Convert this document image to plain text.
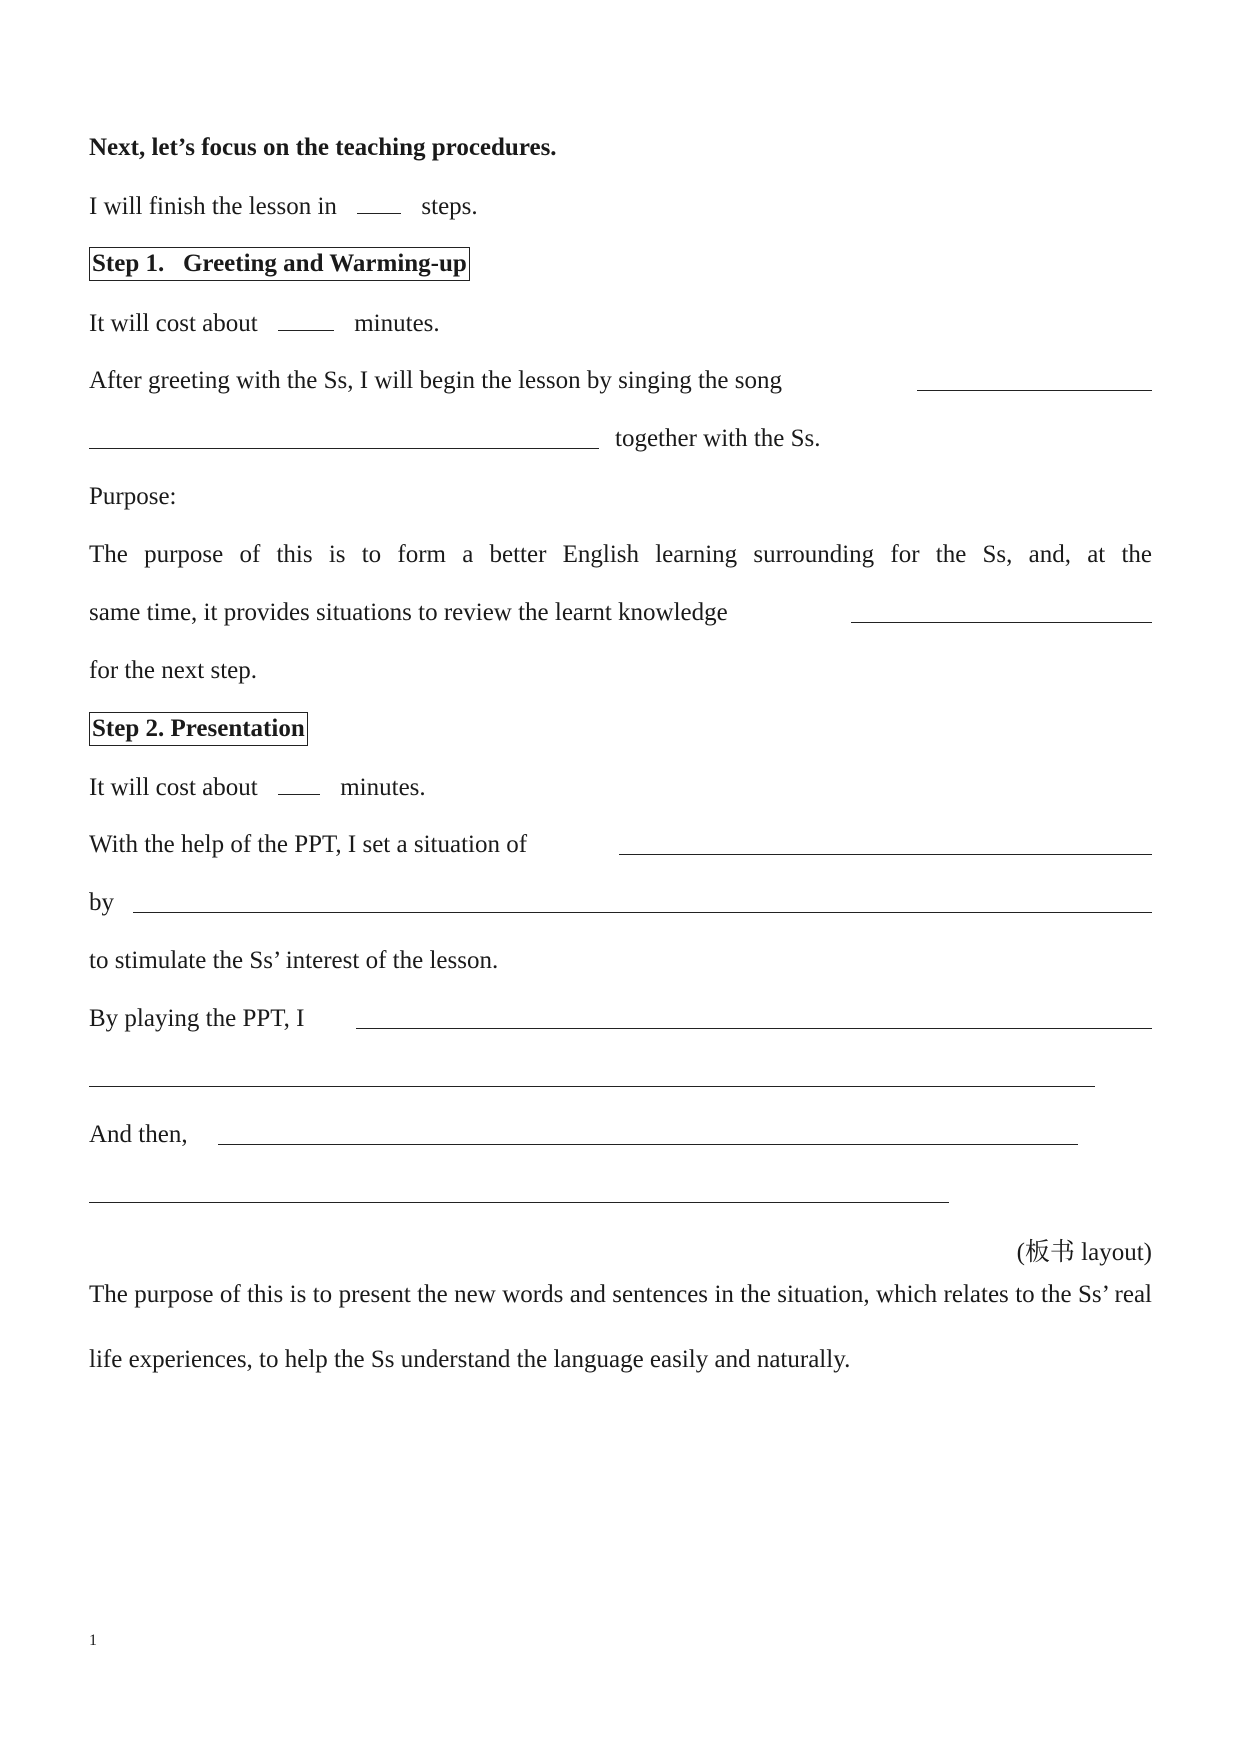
Next, let’s focus on the teaching procedures.
I will finish the lesson in	steps.
Step 1.   Greeting and Warming-up
It will cost about	minutes.
After greeting with the Ss, I will begin the lesson by singing the song
together with the Ss.
Purpose:
The purpose of this is to form a better English learning surrounding for the Ss, and, at the
same time, it provides situations to review the learnt knowledge
for the next step.
Step 2. Presentation
It will cost about	minutes.
With the help of the PPT, I set a situation of
by
to stimulate the Ss’ interest of the lesson.
By playing the PPT, I
And then,
(板书 layout)
The purpose of this is to present the new words and sentences in the situation, which relates to the Ss’ real life experiences, to help the Ss understand the language easily and naturally.
1
